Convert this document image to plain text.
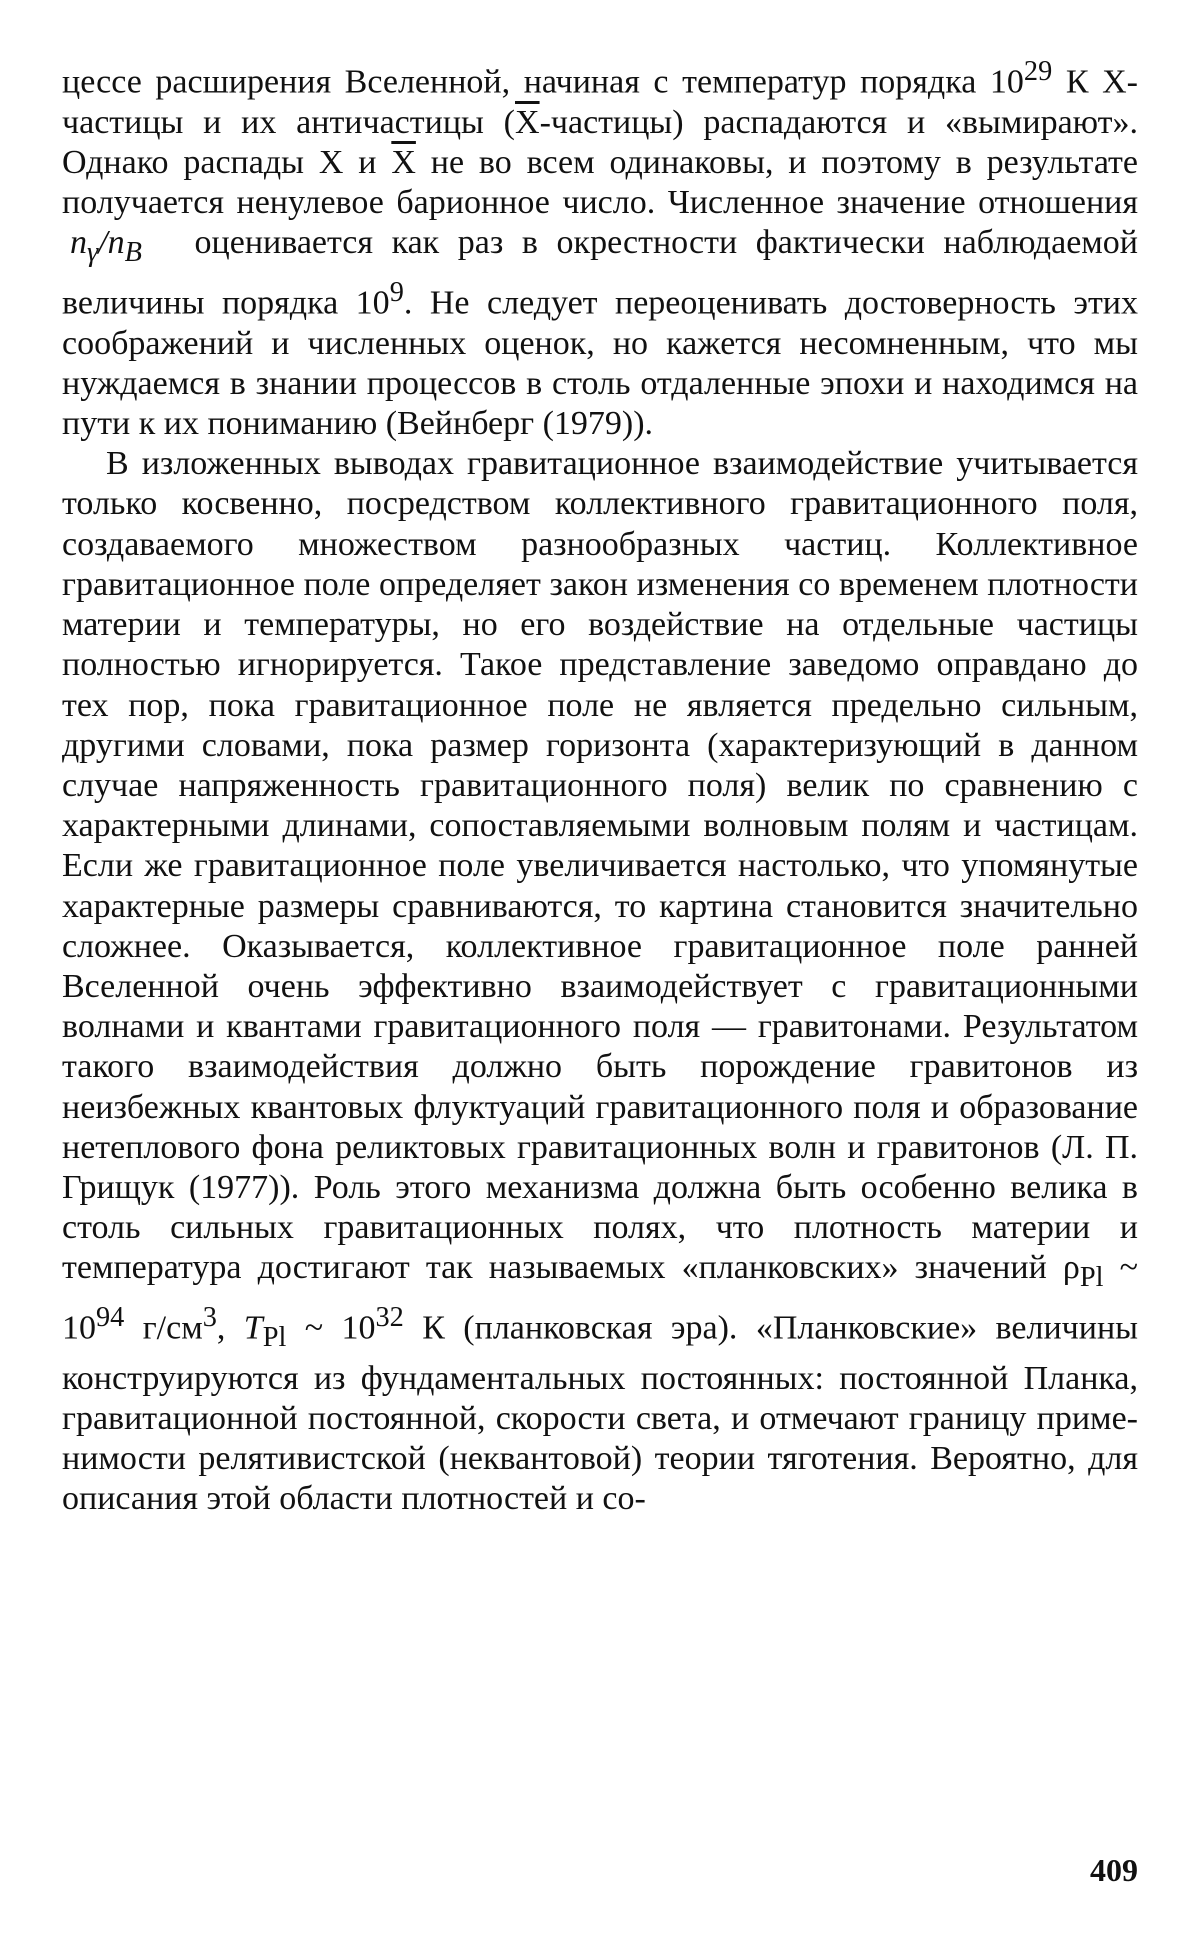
цессе расширения Вселенной, начиная с температур порядка $10^{29}$ К X-частицы и их античастицы $(\overline{X}-частицы)$ распадаются и «вымирают». Однако распады X и $\overline{X}$ не во всем одинаковы, и поэтому в результате получается ненулевое барионное число. Численное значение отношения $n_\gamma/n_B$ оценивается как раз в окрестности фактически наблюдаемой величины порядка $10^9$. Не следует переоценивать достоверность этих соображений и численных оценок, но кажется несомненным, что мы нуждаемся в знании процессов в столь отдаленные эпохи и находимся на пути к их пониманию (Вейнберг (1979)).

В изложенных выводах гравитационное взаимодействие учитывается только косвенно, посредством коллективного гравитационного поля, создаваемого множеством разнообразных частиц. Коллективное гравитационное поле определяет закон изменения со временем плотности материи и температуры, но его воздействие на отдельные частицы полностью игнорируется. Такое представление заведомо оправдано до тех пор, пока гравитационное поле не является предельно сильным, другими словами, пока размер горизонта (характеризующий в данном случае напряженность гравитационного поля) велик по сравнению с характерными длинами, сопоставляемыми волновым полям и частицам. Если же гравитационное поле увеличивается настолько, что упомянутые характерные размеры сравниваются, то картина становится значительно сложнее. Оказывается, коллективное гравитационное поле ранней Вселенной очень эффективно взаимодействует с гравитационными волнами и квантами гравитационного поля — гравитонами. Результатом такого взаимодействия должно быть порождение гравитонов из неизбежных квантовых флуктуаций гравитационного поля и образование нетеплового фона реликтовых гравитационных волн и гравитонов (Л. П. Грищук (1977)). Роль этого механизма должна быть особенно велика в столь сильных гравитационных полях, что плотность материи и температура достигают так называемых «планковских» значений $\rho_{Pl}$ ~ $10^{94}$ $г/см^3$, $T_{Pl}$ ~ $10^{32}$ К (планковская эра). «Планковские» величины конструируются из фундаментальных постоянных: постоянной Планка, гравитационной постоянной, скорости света, и отмечают границу применимости релятивистской (неквантовой) теории тяготения. Вероятно, для описания этой области плотностей и со-

409
